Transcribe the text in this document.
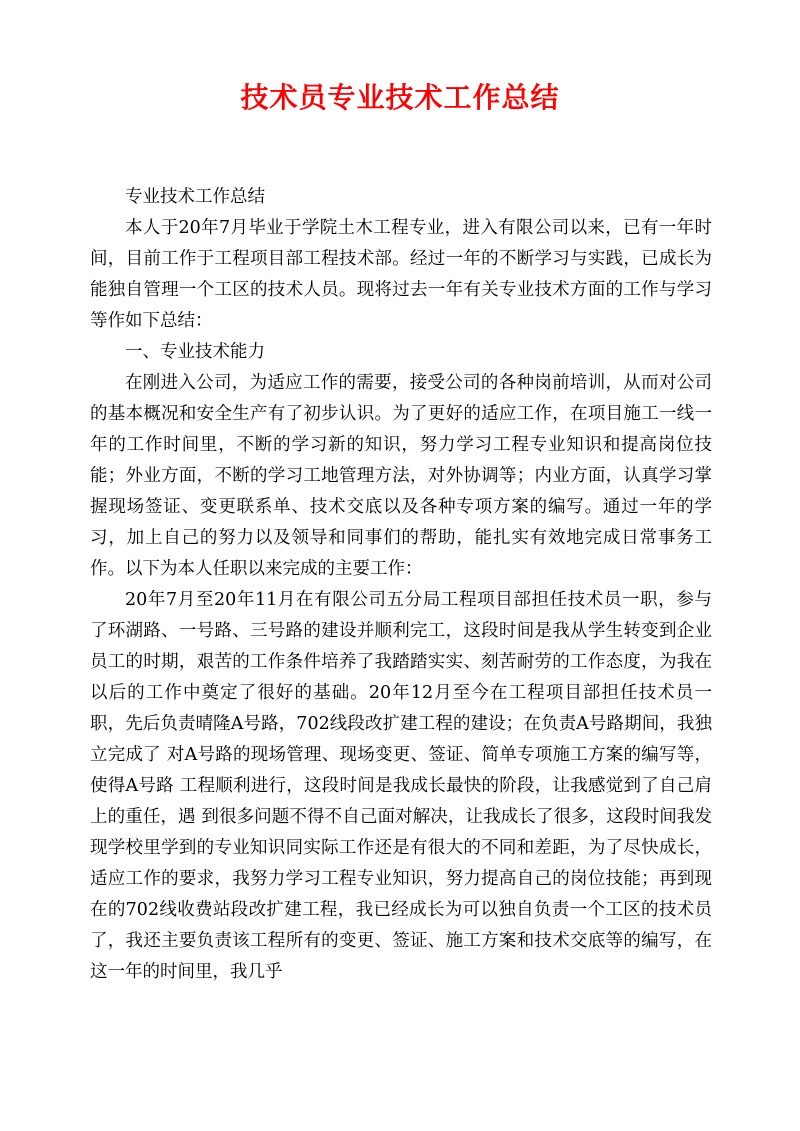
技术员专业技术工作总结

专业技术工作总结

本人于20年7月毕业于学院土木工程专业，进入有限公司以来，已有一年时间，目前工作于工程项目部工程技术部。经过一年的不断学习与实践，已成长为能独自管理一个工区的技术人员。现将过去一年有关专业技术方面的工作与学习等作如下总结：

一、专业技术能力

在刚进入公司，为适应工作的需要，接受公司的各种岗前培训，从而对公司的基本概况和安全生产有了初步认识。为了更好的适应工作，在项目施工一线一年的工作时间里，不断的学习新的知识，努力学习工程专业知识和提高岗位技能；外业方面，不断的学习工地管理方法，对外协调等；内业方面，认真学习掌握现场签证、变更联系单、技术交底以及各种专项方案的编写。通过一年的学习，加上自己的努力以及领导和同事们的帮助，能扎实有效地完成日常事务工作。以下为本人任职以来完成的主要工作：

20年7月至20年11月在有限公司五分局工程项目部担任技术员一职，参与 了环湖路、一号路、三号路的建设并顺利完工，这段时间是我从学生转变到企业员工的时期，艰苦的工作条件培养了我踏踏实实、刻苦耐劳的工作态度，为我在以后的工作中奠定了很好的基础。20年12月至今在工程项目部担任技术员一职，先后负责晴隆A号路，702线段改扩建工程的建设；在负责A号路期间，我独立完成了 对A号路的现场管理、现场变更、签证、简单专项施工方案的编写等，使得A号路 工程顺利进行，这段时间是我成长最快的阶段，让我感觉到了自己肩上的重任，遇 到很多问题不得不自己面对解决，让我成长了很多，这段时间我发现学校里学到的专业知识同实际工作还是有很大的不同和差距，为了尽快成长，适应工作的要求，我努力学习工程专业知识，努力提高自己的岗位技能；再到现在的702线收费站段改扩建工程，我已经成长为可以独自负责一个工区的技术员了，我还主要负责该工程所有的变更、签证、施工方案和技术交底等的编写，在这一年的时间里，我几乎
